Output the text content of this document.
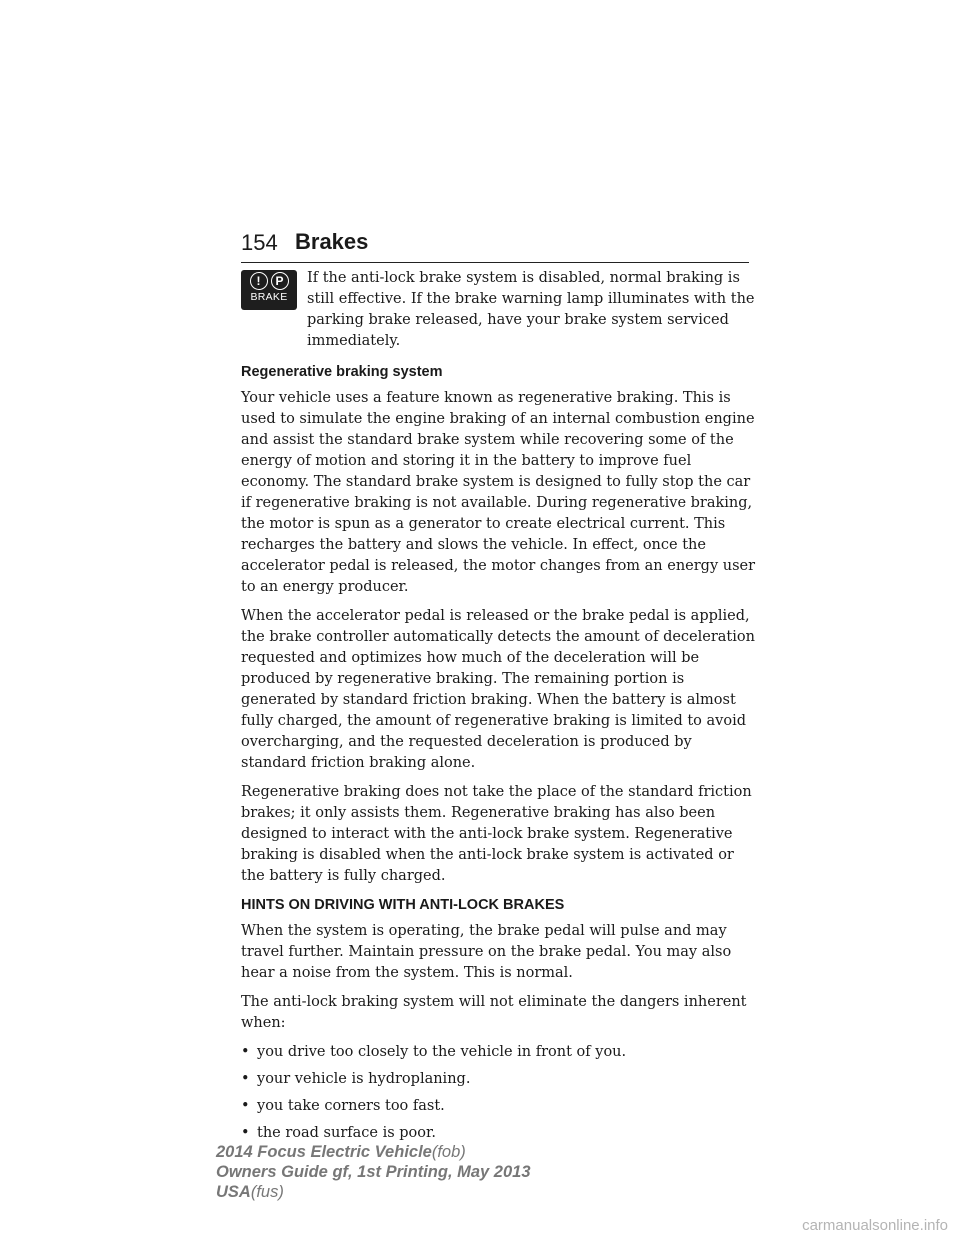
154 Brakes
!	P
BRAKE

If the anti-lock brake system is disabled, normal braking is still effective. If the brake warning lamp illuminates with the parking brake released, have your brake system serviced immediately.

Regenerative braking system

Your vehicle uses a feature known as regenerative braking. This is used to simulate the engine braking of an internal combustion engine and assist the standard brake system while recovering some of the energy of motion and storing it in the battery to improve fuel economy. The standard brake system is designed to fully stop the car if regenerative braking is not available. During regenerative braking, the motor is spun as a generator to create electrical current. This recharges the battery and slows the vehicle. In effect, once the accelerator pedal is released, the motor changes from an energy user to an energy producer.

When the accelerator pedal is released or the brake pedal is applied, the brake controller automatically detects the amount of deceleration requested and optimizes how much of the deceleration will be produced by regenerative braking. The remaining portion is generated by standard friction braking. When the battery is almost fully charged, the amount of regenerative braking is limited to avoid overcharging, and the requested deceleration is produced by standard friction braking alone.

Regenerative braking does not take the place of the standard friction brakes; it only assists them. Regenerative braking has also been designed to interact with the anti-lock brake system. Regenerative braking is disabled when the anti-lock brake system is activated or the battery is fully charged.

HINTS ON DRIVING WITH ANTI-LOCK BRAKES

When the system is operating, the brake pedal will pulse and may travel further. Maintain pressure on the brake pedal. You may also hear a noise from the system. This is normal.

The anti-lock braking system will not eliminate the dangers inherent when:

• you drive too closely to the vehicle in front of you.
• your vehicle is hydroplaning.
• you take corners too fast.
• the road surface is poor.
2014 Focus Electric Vehicle(fob)
Owners Guide gf, 1st Printing, May 2013
USA(fus)
carmanualsonline.info
